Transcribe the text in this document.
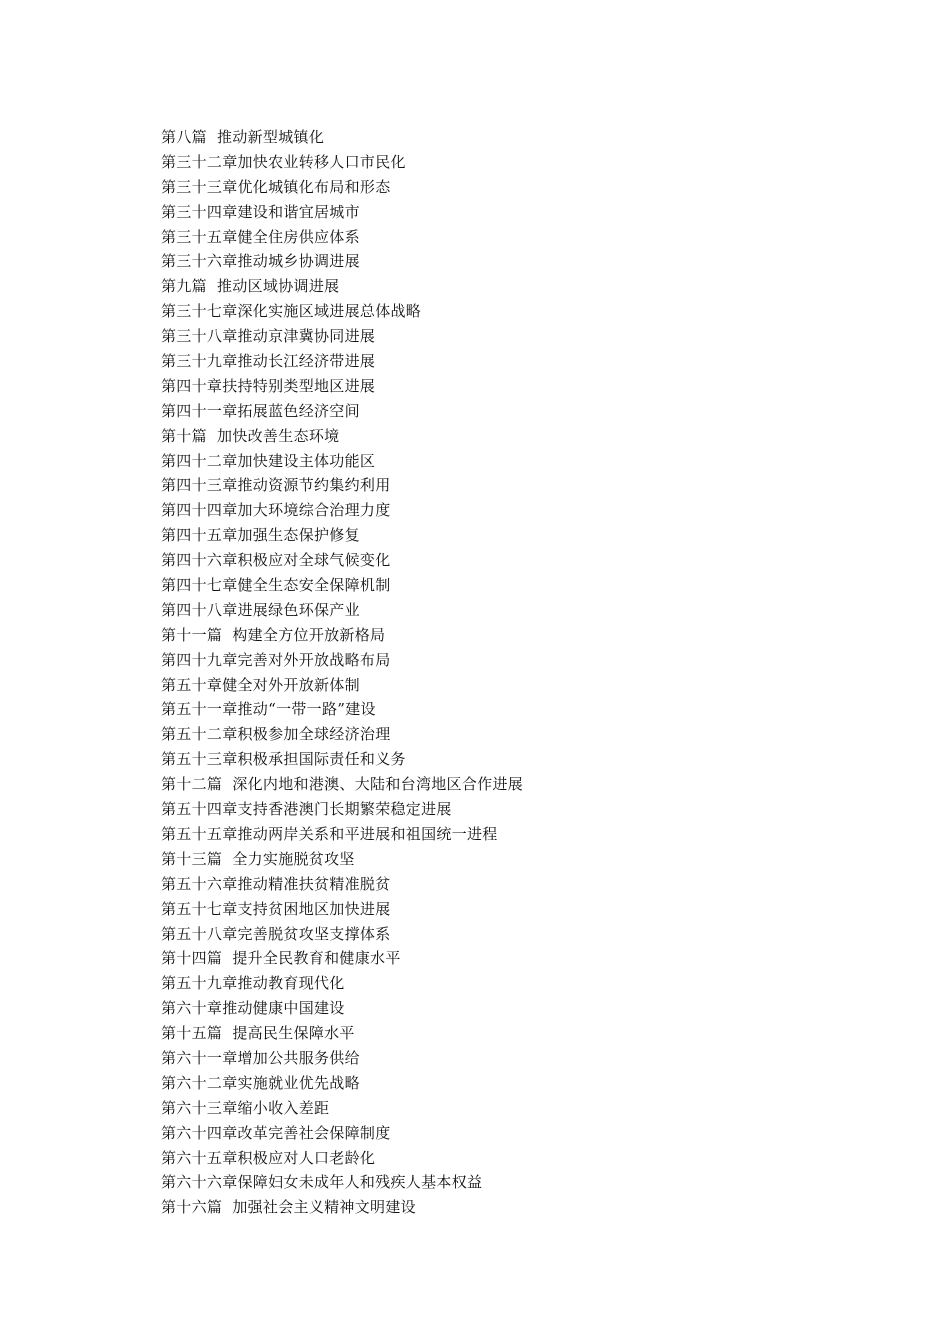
第八篇  推动新型城镇化
第三十二章加快农业转移人口市民化
第三十三章优化城镇化布局和形态
第三十四章建设和谐宜居城市
第三十五章健全住房供应体系
第三十六章推动城乡协调进展
第九篇  推动区域协调进展
第三十七章深化实施区域进展总体战略
第三十八章推动京津冀协同进展
第三十九章推动长江经济带进展
第四十章扶持特别类型地区进展
第四十一章拓展蓝色经济空间
第十篇  加快改善生态环境
第四十二章加快建设主体功能区
第四十三章推动资源节约集约利用
第四十四章加大环境综合治理力度
第四十五章加强生态保护修复
第四十六章积极应对全球气候变化
第四十七章健全生态安全保障机制
第四十八章进展绿色环保产业
第十一篇  构建全方位开放新格局
第四十九章完善对外开放战略布局
第五十章健全对外开放新体制
第五十一章推动“一带一路”建设
第五十二章积极参加全球经济治理
第五十三章积极承担国际责任和义务
第十二篇  深化内地和港澳、大陆和台湾地区合作进展
第五十四章支持香港澳门长期繁荣稳定进展
第五十五章推动两岸关系和平进展和祖国统一进程
第十三篇  全力实施脱贫攻坚
第五十六章推动精准扶贫精准脱贫
第五十七章支持贫困地区加快进展
第五十八章完善脱贫攻坚支撑体系
第十四篇  提升全民教育和健康水平
第五十九章推动教育现代化
第六十章推动健康中国建设
第十五篇  提高民生保障水平
第六十一章增加公共服务供给
第六十二章实施就业优先战略
第六十三章缩小收入差距
第六十四章改革完善社会保障制度
第六十五章积极应对人口老龄化
第六十六章保障妇女未成年人和残疾人基本权益
第十六篇  加强社会主义精神文明建设
